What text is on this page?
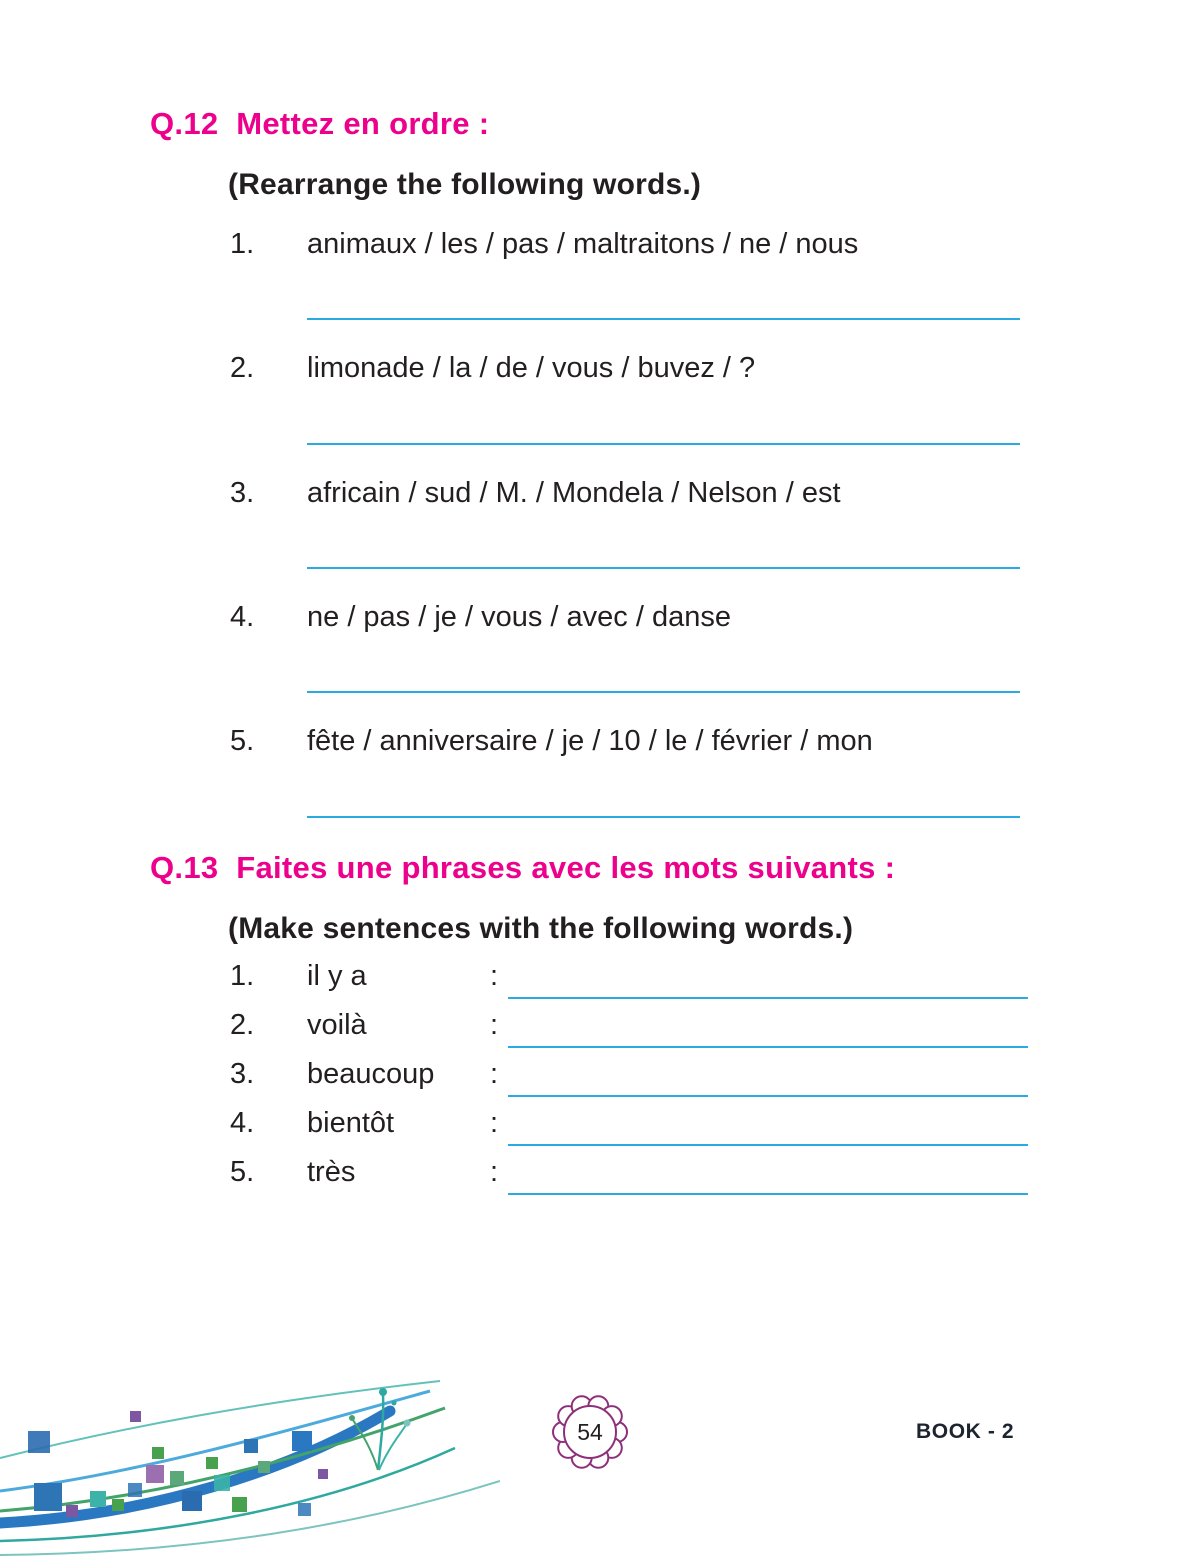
Q.12  Mettez en ordre :
(Rearrange the following words.)
1.	animaux / les / pas / maltraitons / ne / nous
2.	limonade / la / de / vous / buvez / ?
3.	africain / sud / M. / Mondela / Nelson / est
4.	ne / pas / je / vous / avec / danse
5.	fête / anniversaire / je / 10 / le / février / mon
Q.13  Faites une phrases avec les mots suivants :
(Make sentences with the following words.)
1.	il y a	:
2.	voilà	:
3.	beaucoup	:
4.	bientôt	:
5.	très	:
54	BOOK - 2
